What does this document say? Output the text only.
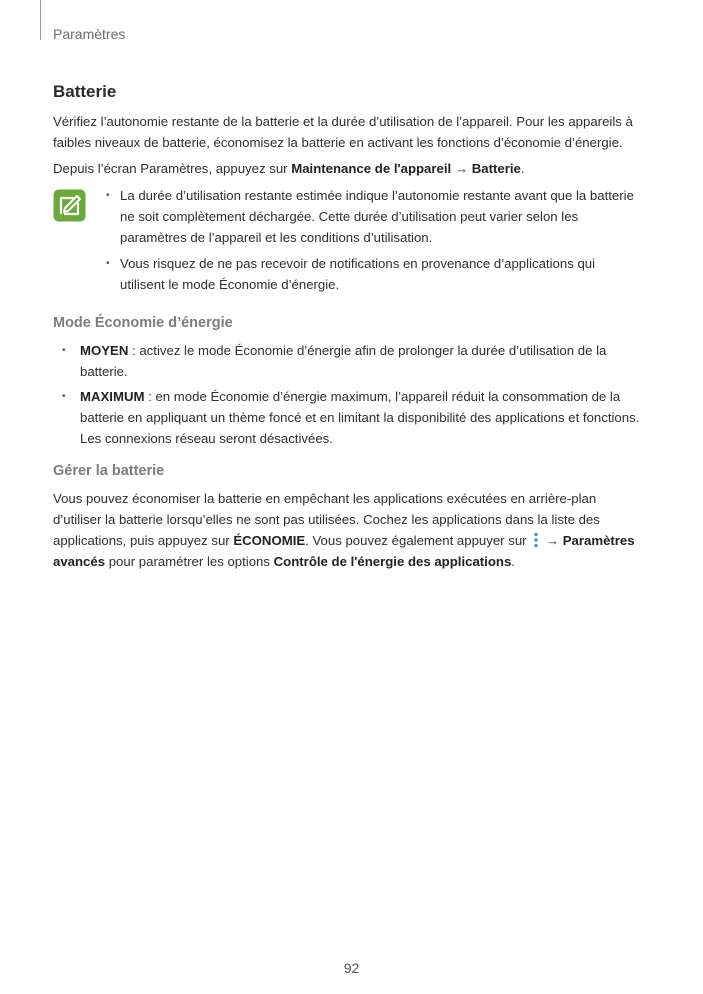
Paramètres
Batterie

Vérifiez l’autonomie restante de la batterie et la durée d’utilisation de l’appareil. Pour les appareils à faibles niveaux de batterie, économisez la batterie en activant les fonctions d’économie d’énergie.

Depuis l’écran Paramètres, appuyez sur Maintenance de l'appareil → Batterie.

• La durée d’utilisation restante estimée indique l’autonomie restante avant que la batterie ne soit complètement déchargée. Cette durée d’utilisation peut varier selon les paramètres de l’appareil et les conditions d’utilisation.
• Vous risquez de ne pas recevoir de notifications en provenance d’applications qui utilisent le mode Économie d’énergie.
Mode Économie d’énergie
• MOYEN : activez le mode Économie d’énergie afin de prolonger la durée d’utilisation de la batterie.
• MAXIMUM : en mode Économie d’énergie maximum, l’appareil réduit la consommation de la batterie en appliquant un thème foncé et en limitant la disponibilité des applications et fonctions. Les connexions réseau seront désactivées.
Gérer la batterie

Vous pouvez économiser la batterie en empêchant les applications exécutées en arrière-plan d’utiliser la batterie lorsqu’elles ne sont pas utilisées. Cochez les applications dans la liste des applications, puis appuyez sur ÉCONOMIE. Vous pouvez également appuyer sur  → Paramètres avancés pour paramétrer les options Contrôle de l'énergie des applications.

92
